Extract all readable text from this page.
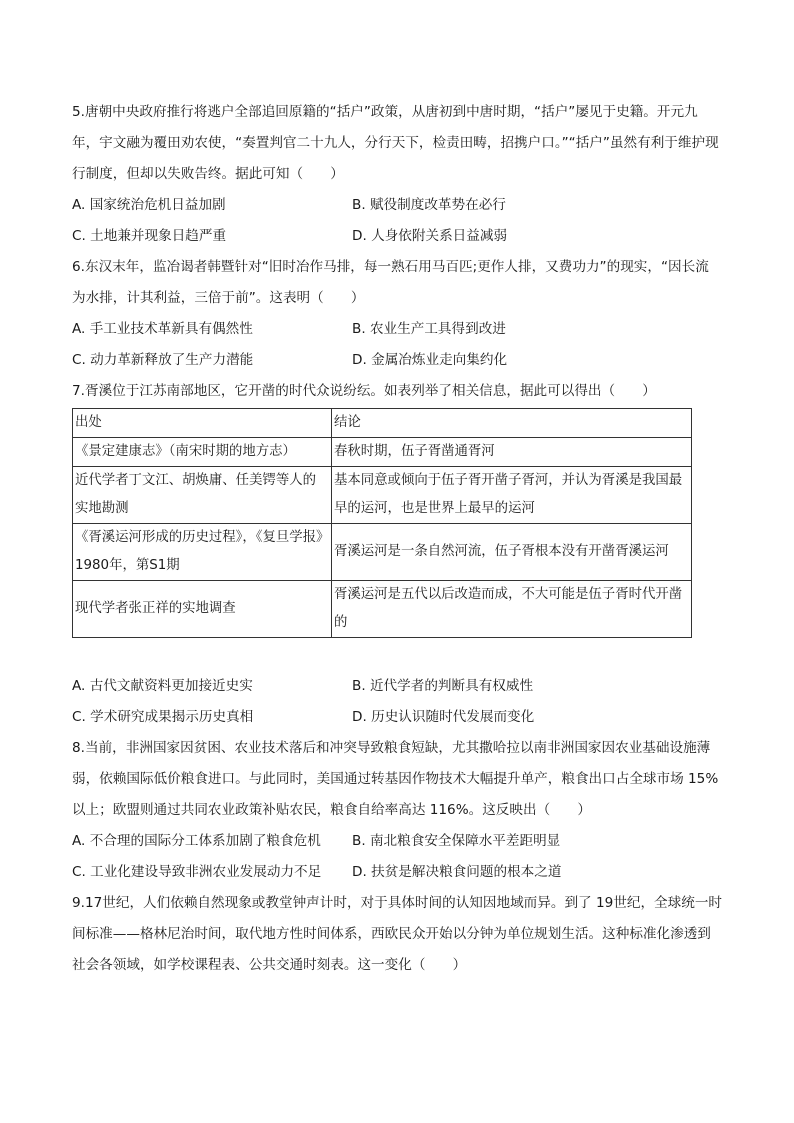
5.唐朝中央政府推行将逃户全部追回原籍的“括户”政策，从唐初到中唐时期，“括户”屡见于史籍。开元九年，宇文融为覆田劝农使，“奏置判官二十九人，分行天下，检责田畴，招携户口。”“括户”虽然有利于维护现行制度，但却以失败告终。据此可知（　　）

A. 国家统治危机日益加剧	B. 赋役制度改革势在必行
C. 土地兼并现象日趋严重	D. 人身依附关系日益减弱

6.东汉末年，监冶谒者韩暨针对“旧时冶作马排，每一熟石用马百匹;更作人排，又费功力”的现实，“因长流为水排，计其利益，三倍于前”。这表明（　　）

A. 手工业技术革新具有偶然性	B. 农业生产工具得到改进
C. 动力革新释放了生产力潜能	D. 金属冶炼业走向集约化

7.胥溪位于江苏南部地区，它开凿的时代众说纷纭。如表列举了相关信息，据此可以得出（　　）

出处	结论
《景定建康志》（南宋时期的地方志）	春秋时期，伍子胥凿通胥河
近代学者丁文江、胡焕庸、任美锷等人的实地勘测	基本同意或倾向于伍子胥开凿子胥河，并认为胥溪是我国最早的运河，也是世界上最早的运河
《胥溪运河形成的历史过程》，《复旦学报》1980年，第S1期	胥溪运河是一条自然河流，伍子胥根本没有开凿胥溪运河
现代学者张正祥的实地调查	胥溪运河是五代以后改造而成，不大可能是伍子胥时代开凿的
A. 古代文献资料更加接近史实	B. 近代学者的判断具有权威性
C. 学术研究成果揭示历史真相	D. 历史认识随时代发展而变化

8.当前，非洲国家因贫困、农业技术落后和冲突导致粮食短缺，尤其撒哈拉以南非洲国家因农业基础设施薄弱，依赖国际低价粮食进口。与此同时，美国通过转基因作物技术大幅提升单产，粮食出口占全球市场 15%以上；欧盟则通过共同农业政策补贴农民，粮食自给率高达 116%。这反映出（　　）

A. 不合理的国际分工体系加剧了粮食危机	B. 南北粮食安全保障水平差距明显
C. 工业化建设导致非洲农业发展动力不足	D. 扶贫是解决粮食问题的根本之道

9.17世纪，人们依赖自然现象或教堂钟声计时，对于具体时间的认知因地域而异。到了 19世纪，全球统一时间标准——格林尼治时间，取代地方性时间体系，西欧民众开始以分钟为单位规划生活。这种标准化渗透到社会各领域，如学校课程表、公共交通时刻表。这一变化（　　）
